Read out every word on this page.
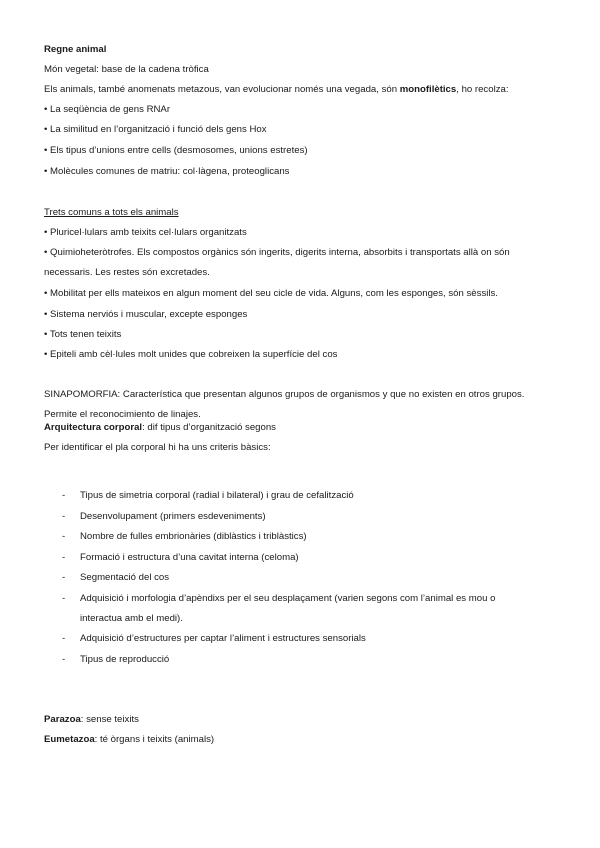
Regne animal
Món vegetal: base de la cadena tròfica
Els animals, també anomenats metazous, van evolucionar només una vegada, són monofilètics, ho recolza:
• La seqüència de gens RNAr
• La similitud en l’organització i funció dels gens Hox
• Els tipus d’unions entre cells (desmosomes, unions estretes)
• Molècules comunes de matriu: col·làgena, proteoglicans
Trets comuns a tots els animals
• Pluricel·lulars amb teixits cel·lulars organitzats
• Quimioheteròtrofes. Els compostos orgànics són ingerits, digerits interna, absorbits i transportats allà on són necessaris. Les restes són excretades.
• Mobilitat per ells mateixos en algun moment del seu cicle de vida. Alguns, com les esponges, són sèssils.
• Sistema nerviós i muscular, excepte esponges
• Tots tenen teixits
• Epiteli amb cèl·lules molt unides que cobreixen la superfície del cos
SINAPOMORFIA: Característica que presentan algunos grupos de organismos y que no existen en otros grupos. Permite el reconocimiento de linajes.
Arquitectura corporal: dif tipus d’organització segons
Per identificar el pla corporal hi ha uns criteris bàsics:
- Tipus de simetria corporal (radial i bilateral) i grau de cefalització
- Desenvolupament (primers esdeveniments)
- Nombre de fulles embrionàries (diblàstics i triblàstics)
- Formació i estructura d’una cavitat interna (celoma)
- Segmentació del cos
- Adquisició i morfologia d’apèndixs per el seu desplaçament (varien segons com l’animal es mou o
interactua amb el medi).
- Adquisició d’estructures per captar l’aliment i estructures sensorials
- Tipus de reproducció
Parazoa: sense teixits
Eumetazoa: té òrgans i teixits (animals)
